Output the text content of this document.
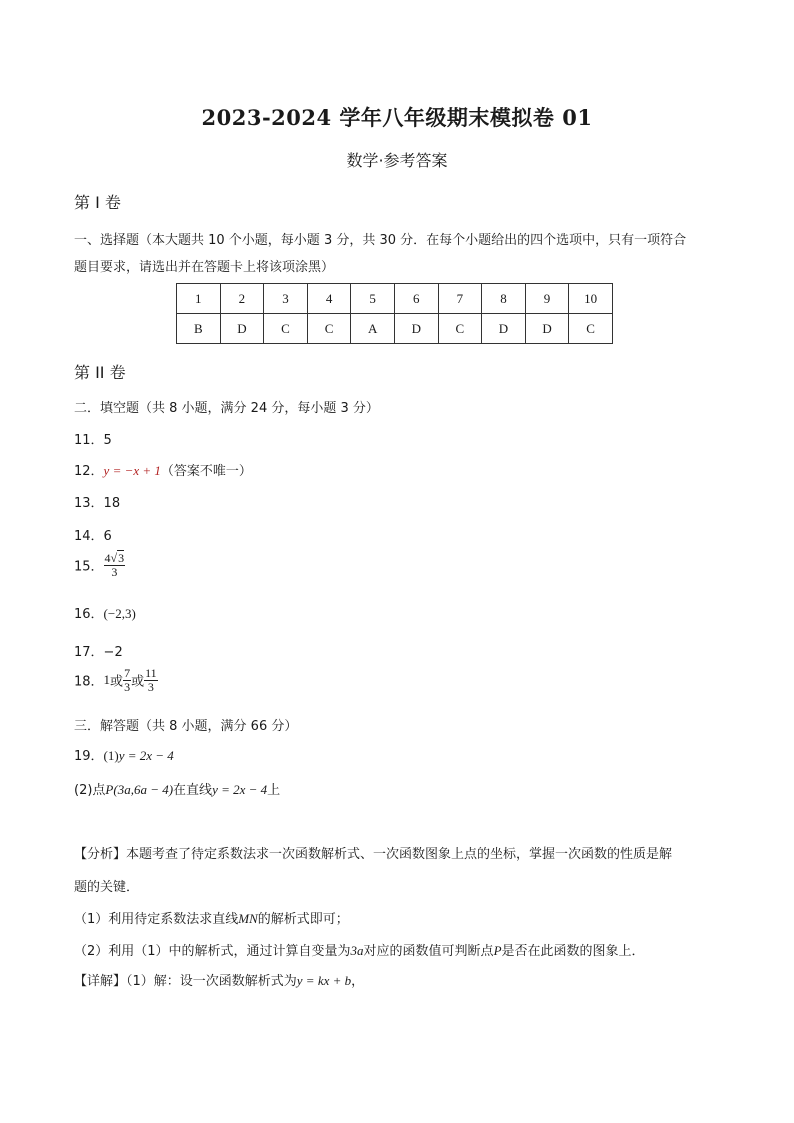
2023-2024 学年八年级期末模拟卷 01
数学·参考答案
第 I 卷
一、选择题（本大题共 10 个小题，每小题 3 分，共 30 分．在每个小题给出的四个选项中，只有一项符合
题目要求，请选出并在答题卡上将该项涂黑）
1	2	3	4	5	6	7	8	9	10
B	D	C	C	A	D	C	D	D	C
第 II 卷
二．填空题（共 8 小题，满分 24 分，每小题 3 分）
11．5
12．y = −x + 1（答案不唯一）
13．18
14．6
15． $\frac{4√3}{3}$
16．(−2,3)
17．−2
18．1或 $\frac{7}{3}$ 或 $\frac{11}{3}$
三．解答题（共 8 小题，满分 66 分）
19．(1)y = 2x − 4
(2)点P(3a,6a − 4)在直线y = 2x − 4上
【分析】本题考查了待定系数法求一次函数解析式、一次函数图象上点的坐标，掌握一次函数的性质是解
题的关键．
（1）利用待定系数法求直线MN的解析式即可；
（2）利用（1）中的解析式，通过计算自变量为3a对应的函数值可判断点P是否在此函数的图象上．
【详解】（1）解：设一次函数解析式为y = kx + b，
